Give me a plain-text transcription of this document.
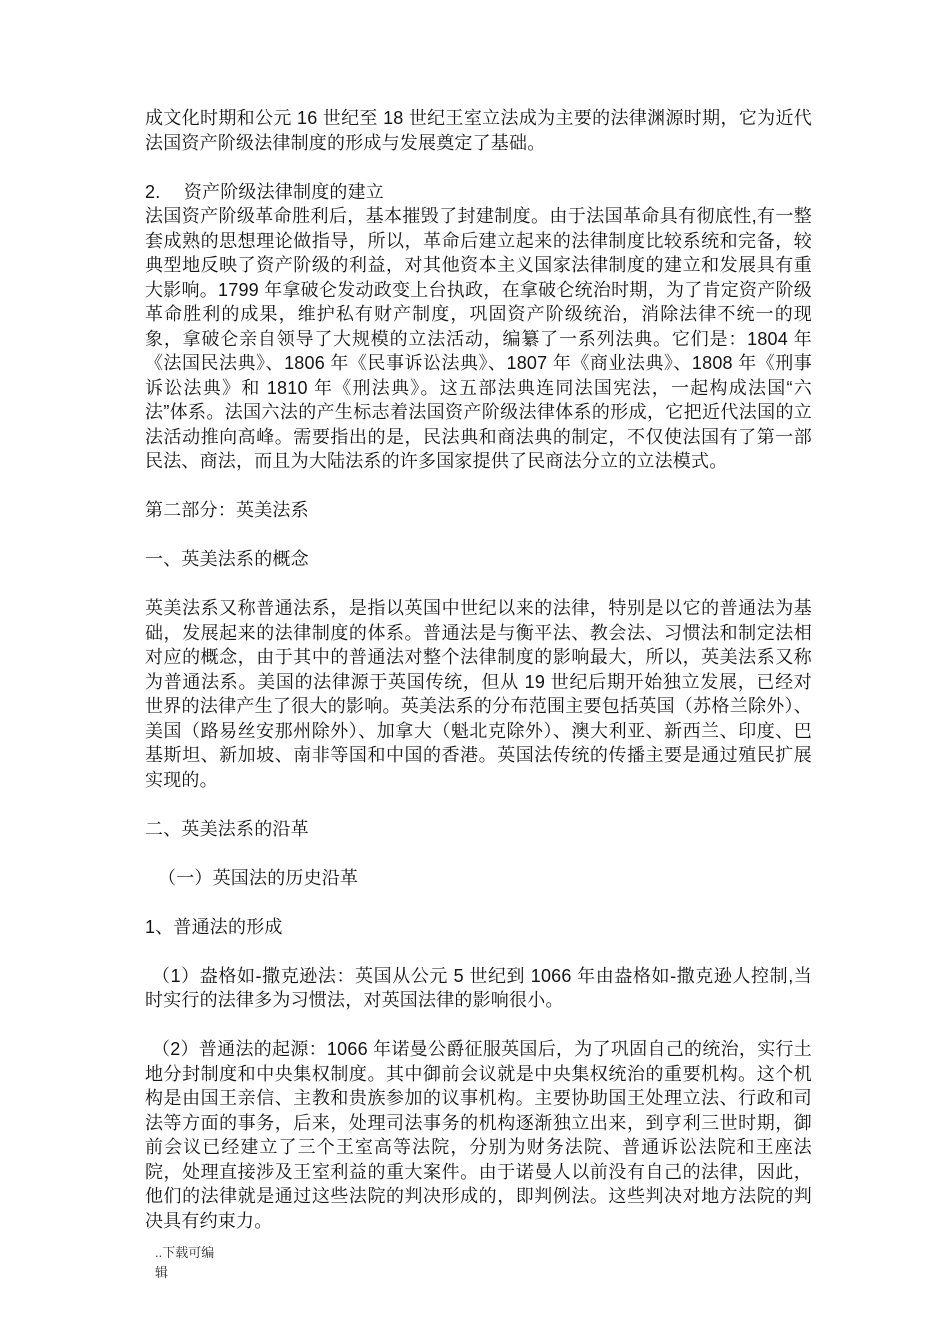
成文化时期和公元 16 世纪至 18 世纪王室立法成为主要的法律渊源时期，它为近代法国资产阶级法律制度的形成与发展奠定了基础。

2.　 资产阶级法律制度的建立

法国资产阶级革命胜利后，基本摧毁了封建制度。由于法国革命具有彻底性,有一整套成熟的思想理论做指导，所以，革命后建立起来的法律制度比较系统和完备，较典型地反映了资产阶级的利益，对其他资本主义国家法律制度的建立和发展具有重大影响。1799 年拿破仑发动政变上台执政，在拿破仑统治时期，为了肯定资产阶级革命胜利的成果，维护私有财产制度，巩固资产阶级统治，消除法律不统一的现象，拿破仑亲自领导了大规模的立法活动，编纂了一系列法典。它们是：1804 年《法国民法典》、1806 年《民事诉讼法典》、1807 年《商业法典》、1808 年《刑事诉讼法典》和 1810 年《刑法典》。这五部法典连同法国宪法，一起构成法国“六法”体系。法国六法的产生标志着法国资产阶级法律体系的形成，它把近代法国的立法活动推向高峰。需要指出的是，民法典和商法典的制定，不仅使法国有了第一部民法、商法，而且为大陆法系的许多国家提供了民商法分立的立法模式。

第二部分：英美法系
一、英美法系的概念

英美法系又称普通法系，是指以英国中世纪以来的法律，特别是以它的普通法为基础，发展起来的法律制度的体系。普通法是与衡平法、教会法、习惯法和制定法相对应的概念，由于其中的普通法对整个法律制度的影响最大，所以，英美法系又称为普通法系。美国的法律源于英国传统，但从 19 世纪后期开始独立发展，已经对世界的法律产生了很大的影响。英美法系的分布范围主要包括英国（苏格兰除外）、美国（路易丝安那州除外）、加拿大（魁北克除外）、澳大利亚、新西兰、印度、巴基斯坦、新加坡、南非等国和中国的香港。英国法传统的传播主要是通过殖民扩展实现的。

二、英美法系的沿革
（一）英国法的历史沿革
1、普通法的形成

（1）盎格如-撒克逊法：英国从公元 5 世纪到 1066 年由盎格如-撒克逊人控制,当时实行的法律多为习惯法，对英国法律的影响很小。

（2）普通法的起源：1066 年诺曼公爵征服英国后，为了巩固自己的统治，实行土地分封制度和中央集权制度。其中御前会议就是中央集权统治的重要机构。这个机构是由国王亲信、主教和贵族参加的议事机构。主要协助国王处理立法、行政和司法等方面的事务，后来，处理司法事务的机构逐渐独立出来，到亨利三世时期，御前会议已经建立了三个王室高等法院，分别为财务法院、普通诉讼法院和王座法院，处理直接涉及王室利益的重大案件。由于诺曼人以前没有自己的法律，因此，他们的法律就是通过这些法院的判决形成的，即判例法。这些判决对地方法院的判决具有约束力。

..下载可编辑
